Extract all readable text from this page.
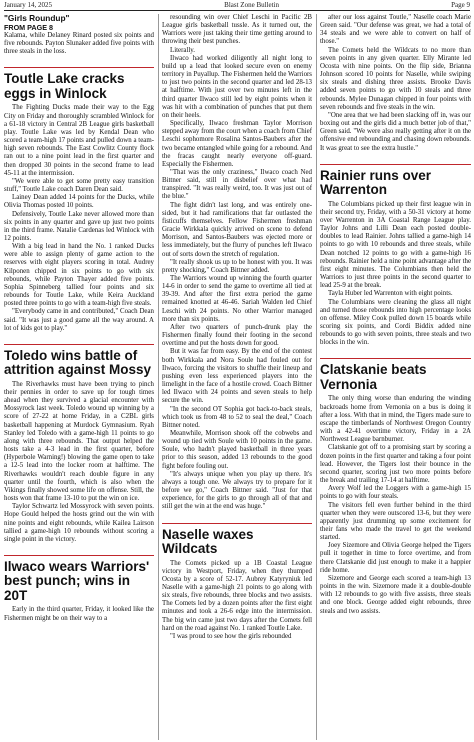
January 14, 2025	Blast Zone Bulletin	Page 9
"Girls Roundup"
FROM PAGE 8

Kalama, while Delaney Rinard posted six points and five rebounds. Payton Slunaker added five points with three steals in the loss.

Toutle Lake cracks eggs in Winlock

The Fighting Ducks made their way to the Egg City on Friday and thoroughly scrambled Winlock for a 61-18 victory in Central 2B League girls basketball play. Toutle Lake was led by Kendal Dean who scored a team-high 17 points and pulled down a team-high seven rebounds. The East Cowlitz County flock ran out to a nine point lead in the first quarter and then dropped 30 points in the second frame to lead 45-11 at the intermission.

"We were able to get some pretty easy transition stuff," Toutle Lake coach Daren Dean said.

Lainey Dean added 14 points for the Ducks, while Olivia Thomas posted 10 points.

Defensively, Toutle Lake never allowed more than six points in any quarter and gave up just two points in the third frame. Natalie Cardenas led Winlock with 12 points.

With a big lead in hand the No. 1 ranked Ducks were able to assign plenty of game action to the reserves with eight players scoring in total. Audrey Kilponen chipped in six points to go with six rebounds, while Payton Thayer added five points. Sophia Spinneberg tallied four points and six rebounds for Toutle Lake, while Keira Auckland posted three points to go with a team-high five steals.

"Everybody came in and contributed," Coach Dean said. "It was just a good game all the way around. A lot of kids got to play."

Toledo wins battle of attrition against Mossy

The Riverhawks must have been trying to pinch their pennies in order to save up for tough times ahead when they survived a glacial encounter with Mossyrock last week. Toledo wound up winning by a score of 27-22 at home Friday, in a C2BL girls basketball happening at Murdock Gymnasium. Ryah Stanley led Toledo with a game-high 11 points to go along with three rebounds. That output helped the hosts take a 4-3 lead in the first quarter, before (Hyperbole Warning!) blowing the game open to take a 12-5 lead into the locker room at halftime. The Riverhawks wouldn't reach double figure in any quarter until the fourth, which is also when the Vikings finally showed some life on offense. Still, the hosts won that frame 13-10 to put the win on ice.

Taylor Schwartz led Mossyrock with seven points. Hope Gould helped the hosts grind out the win with nine points and eight rebounds, while Kailea Lairson tallied a game-high 10 rebounds without scoring a single point in the victory.

Ilwaco wears Warriors' best punch; wins in 20T

Early in the third quarter, Friday, it looked like the Fishermen might be on their way to a

resounding win over Chief Leschi in Pacific 2B League girls basketball tussle. As it turned out, the Warriors were just taking their time getting around to throwing their best punches.

Literally.

Ilwaco had worked diligently all night long to build up a lead that looked secure even on enemy territory in Puyallup. The Fishermen held the Warriors to just two points in the second quarter and led 28-13 at halftime. With just over two minutes left in the third quarter Ilwaco still led by eight points when it was hit with a combination of punches that put them on their heels.

Specifically, Ilwaco freshman Taylor Morrison stepped away from the court when a coach from Chief Leschi sophomore Rosalina Santos-Baubers after the two became entangled while going for a rebound. And the fracas caught nearly everyone off-guard. Especially the Fishermen.

"That was the only craziness," Ilwaco coach Ned Bittner said, still in disbelief over what had transpired. "It was really weird, too. It was just out of the blue."

The fight didn't last long, and was entirely one-sided, but it had ramifications that far outlasted the fisticuffs themselves. Fellow Fishermen freshman Gracie Wirkkala quickly arrived on scene to defend Morrison, and Santos-Baubers was ejected more or less immediately, but the flurry of punches left Ilwaco out of sorts down the stretch of regulation.

"It really shook us up to be honest with you. It was pretty shocking," Coach Bittner added.

The Warriors wound up winning the fourth quarter 14-6 in order to send the game to overtime all tied at 39-39. And after the first extra period the game remained knotted at 46-46. Sariah Walden led Chief Leschi with 24 points. No other Warrior managed more than six points.

After two quarters of punch-drunk play the Fishermen finally found their footing in the second overtime and put the hosts down for good.

But it was far from easy. By the end of the contest both Wirkkala and Nora Soule had fouled out for Ilwaco, forcing the visitors to shuffle their lineup and pushing even less experienced players into the limelight in the face of a hostile crowd. Coach Bittner led Ilwaco with 24 points and seven steals to help secure the win.

"In the second OT Sophia got back-to-back steals, which took us from 48 to 52 to seal the deal," Coach Bittner noted.

Meanwhile, Morrison shook off the cobwebs and wound up tied with Soule with 10 points in the game. Soule, who hadn't played basketball in three years prior to this season, added 13 rebounds to the good fight before fouling out.

"It's always unique when you play up there. It's always a tough one. We always try to prepare for it before we go," Coach Bittner said. "Just for that experience, for the girls to go through all of that and still get the win at the end was huge."

Naselle waxes Wildcats

The Comets picked up a 1B Coastal League victory in Westport, Friday, when they thumped Ocosta by a score of 52-17. Aubrey Katyryniuk led Naselle with a game-high 21 points to go along with six steals, five rebounds, three blocks and two assists. The Comets led by a dozen points after the first eight minutes and took a 26-6 edge into the intermission. The big win came just two days after the Comets fell hard on the road against No. 1 ranked Toutle Lake.

"I was proud to see how the girls rebounded

after our loss against Toutle," Naselle coach Marie Green said. "Our defense was great, we had a total of 34 steals and we were able to convert on half of those."

The Comets held the Wildcats to no more than seven points in any given quarter. Elly Mirante led Ocosta with nine points. On the flip side, Brianna Johnson scored 10 points for Naselle, while swiping six steals and dishing three assists. Brooke Davis added seven points to go with 10 steals and three rebounds. Mylee Dunagan chipped in four points with seven rebounds and five steals in the win.

"One area that we had been slacking off in, was our boxing out and the girls did a much better job of that," Green said. "We were also really getting after it on the offensive end rebounding and chasing down rebounds. It was great to see the extra hustle."

Rainier runs over Warrenton

The Columbians picked up their first league win in their second try, Friday, with a 50-31 victory at home over Warrenton in 3A Coastal Range League play. Taylor Johns and Lilli Dean each posted double-doubles to lead Rainier. Johns tallied a game-high 14 points to go with 10 rebounds and three steals, while Dean notched 12 points to go with a game-high 16 rebounds. Rainier held a nine point advantage after the first eight minutes. The Columbians then held the Warriors to just three points in the second quarter to lead 25-9 at the break.

Tayla Huber led Warrenton with eight points.

The Columbians were cleaning the glass all night and turned those rebounds into high percentage looks on offense. Miley Cook pulled down 15 boards while scoring six points, and Cordi Biddix added nine rebounds to go with seven points, three steals and two blocks in the win.

Clatskanie beats Vernonia

The only thing worse than enduring the winding backroads home from Vernonia on a bus is doing it after a loss. With that in mind, the Tigers made sure to escape the timberlands of Northwest Oregon Country with a 42-41 overtime victory, Friday in a 2A Northwest League barnburner.

Clatskanie got off to a promising start by scoring a dozen points in the first quarter and taking a four point lead. However, the Tigers lost their bounce in the second quarter, scoring just two more points before the break and trailing 17-14 at halftime.

Avery Wolf led the Loggers with a game-high 15 points to go with four steals.

The visitors fell even further behind in the third quarter when they were outscored 13-6, but they were apparently just drumming up some excitement for their fans who made the travel to get the weekend started.

Joey Sizemore and Olivia George helped the Tigers pull it together in time to force overtime, and from there Clatskanie did just enough to make it a happier ride home.

Sizemore and George each scored a team-high 13 points in the win. Sizemore made it a double-double with 12 rebounds to go with five assists, three steals and one block. George added eight rebounds, three steals and two assists.
